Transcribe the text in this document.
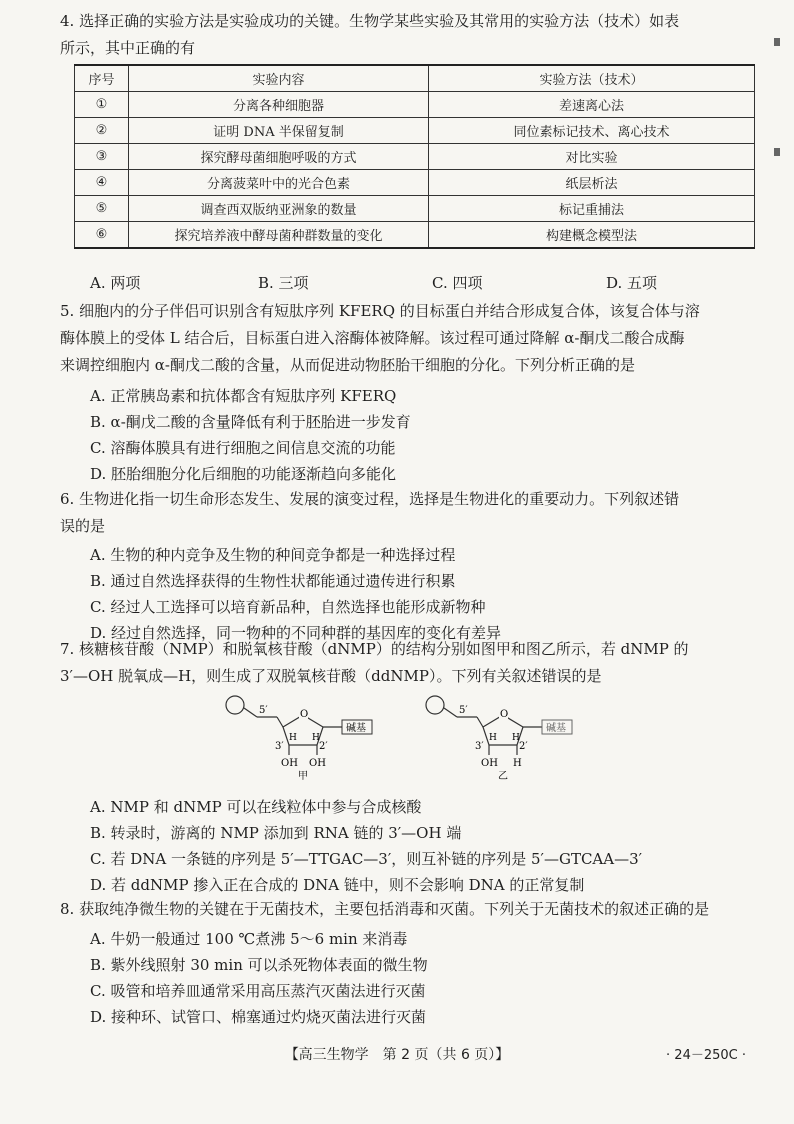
4. 选择正确的实验方法是实验成功的关键。生物学某些实验及其常用的实验方法（技术）如表
所示，其中正确的有
序号	实验内容	实验方法（技术）
①	分离各种细胞器	差速离心法
②	证明 DNA 半保留复制	同位素标记技术、离心技术
③	探究酵母菌细胞呼吸的方式	对比实验
④	分离菠菜叶中的光合色素	纸层析法
⑤	调查西双版纳亚洲象的数量	标记重捕法
⑥	探究培养液中酵母菌种群数量的变化	构建概念模型法
A. 两项	B. 三项	C. 四项	D. 五项
5. 细胞内的分子伴侣可识别含有短肽序列 KFERQ 的目标蛋白并结合形成复合体，该复合体与溶
酶体膜上的受体 L 结合后，目标蛋白进入溶酶体被降解。该过程可通过降解 α-酮戊二酸合成酶
来调控细胞内 α-酮戊二酸的含量，从而促进动物胚胎干细胞的分化。下列分析正确的是
A. 正常胰岛素和抗体都含有短肽序列 KFERQ
B. α-酮戊二酸的含量降低有利于胚胎进一步发育
C. 溶酶体膜具有进行细胞之间信息交流的功能
D. 胚胎细胞分化后细胞的功能逐渐趋向多能化
6. 生物进化指一切生命形态发生、发展的演变过程，选择是生物进化的重要动力。下列叙述错
误的是
A. 生物的种内竞争及生物的种间竞争都是一种选择过程
B. 通过自然选择获得的生物性状都能通过遗传进行积累
C. 经过人工选择可以培育新品种，自然选择也能形成新物种
D. 经过自然选择，同一物种的不同种群的基因库的变化有差异
7. 核糖核苷酸（NMP）和脱氧核苷酸（dNMP）的结构分别如图甲和图乙所示，若 dNMP 的
3′—OH 脱氧成—H，则生成了双脱氧核苷酸（ddNMP）。下列有关叙述错误的是
5′	O
碱基
H H
3′	2′
OH OH
甲
5′	O
碱基
H H
3′	2′
OH H
乙
A. NMP 和 dNMP 可以在线粒体中参与合成核酸
B. 转录时，游离的 NMP 添加到 RNA 链的 3′—OH 端
C. 若 DNA 一条链的序列是 5′—TTGAC—3′，则互补链的序列是 5′—GTCAA—3′
D. 若 ddNMP 掺入正在合成的 DNA 链中，则不会影响 DNA 的正常复制
8. 获取纯净微生物的关键在于无菌技术，主要包括消毒和灭菌。下列关于无菌技术的叙述正确的是
A. 牛奶一般通过 100 ℃煮沸 5～6 min 来消毒
B. 紫外线照射 30 min 可以杀死物体表面的微生物
C. 吸管和培养皿通常采用高压蒸汽灭菌法进行灭菌
D. 接种环、试管口、棉塞通过灼烧灭菌法进行灭菌
【高三生物学　第 2 页（共 6 页）】	· 24－250C ·
